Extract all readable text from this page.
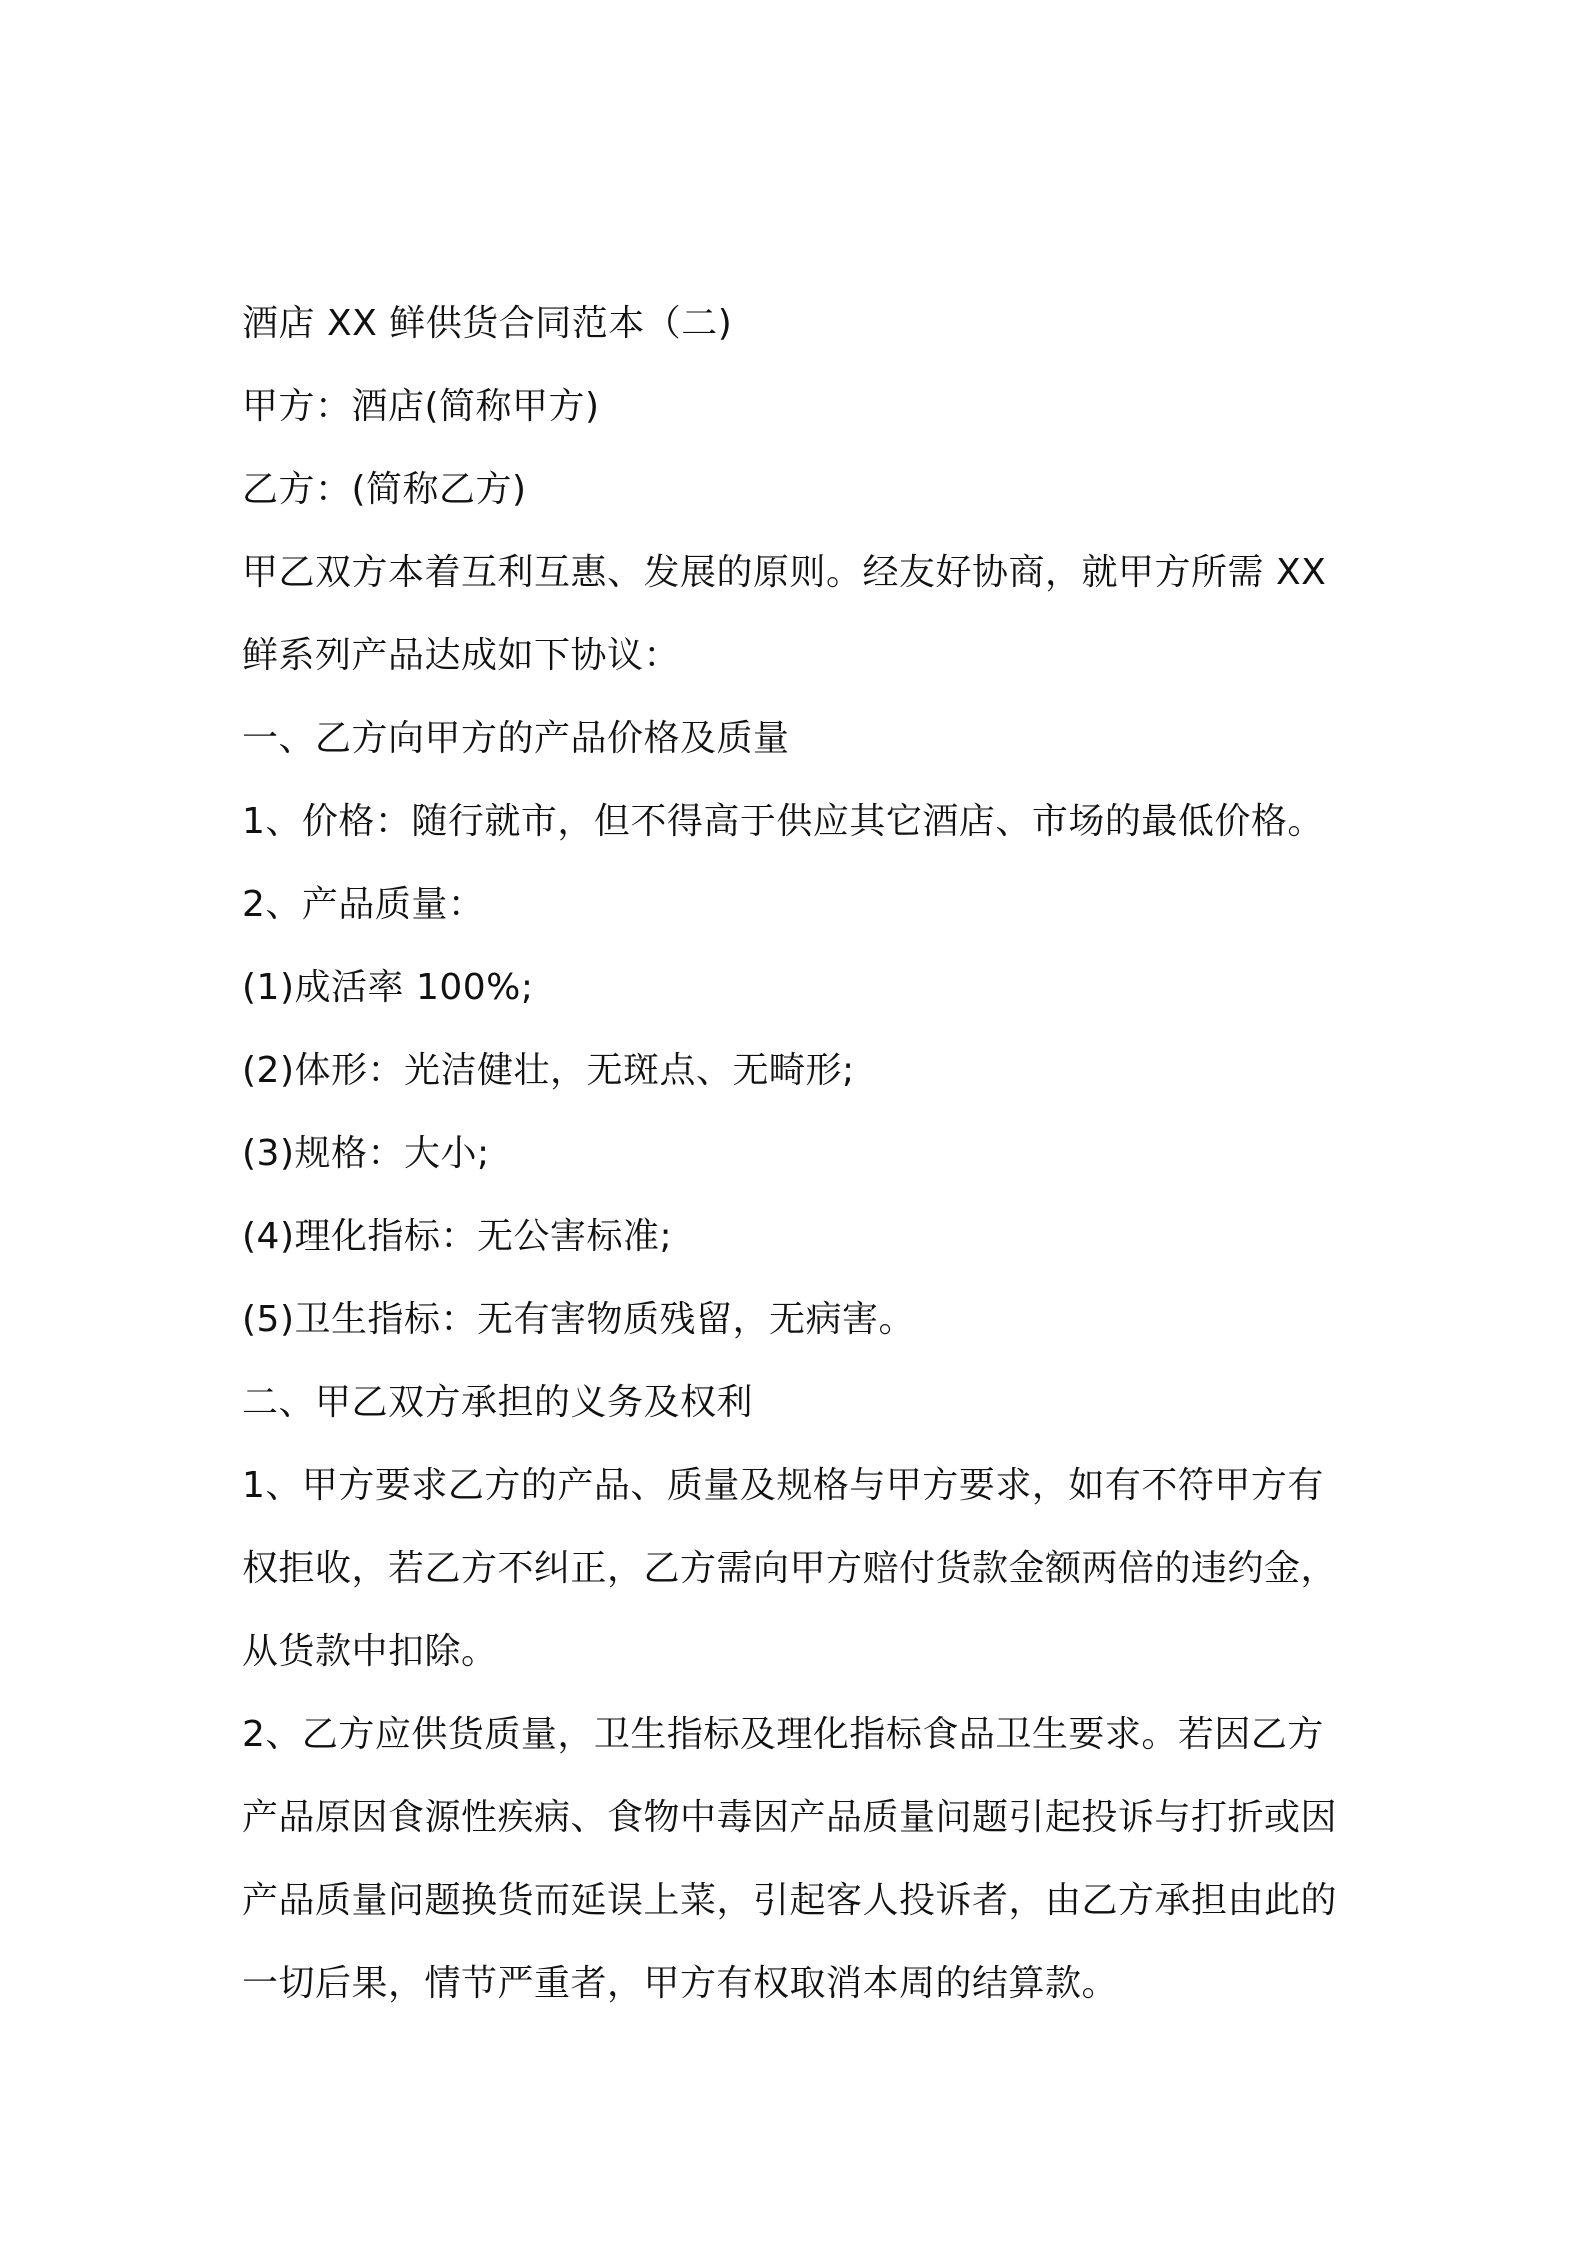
酒店 XX 鲜供货合同范本（二)
甲方：酒店(简称甲方)
乙方：(简称乙方)
甲乙双方本着互利互惠、发展的原则。经友好协商，就甲方所需 XX
鲜系列产品达成如下协议：
一、乙方向甲方的产品价格及质量
1、价格：随行就市，但不得高于供应其它酒店、市场的最低价格。
2、产品质量：
(1)成活率 100%;
(2)体形：光洁健壮，无斑点、无畸形;
(3)规格：大小;
(4)理化指标：无公害标准;
(5)卫生指标：无有害物质残留，无病害。
二、甲乙双方承担的义务及权利
1、甲方要求乙方的产品、质量及规格与甲方要求，如有不符甲方有
权拒收，若乙方不纠正，乙方需向甲方赔付货款金额两倍的违约金，
从货款中扣除。
2、乙方应供货质量，卫生指标及理化指标食品卫生要求。若因乙方
产品原因食源性疾病、食物中毒因产品质量问题引起投诉与打折或因
产品质量问题换货而延误上菜，引起客人投诉者，由乙方承担由此的
一切后果，情节严重者，甲方有权取消本周的结算款。
